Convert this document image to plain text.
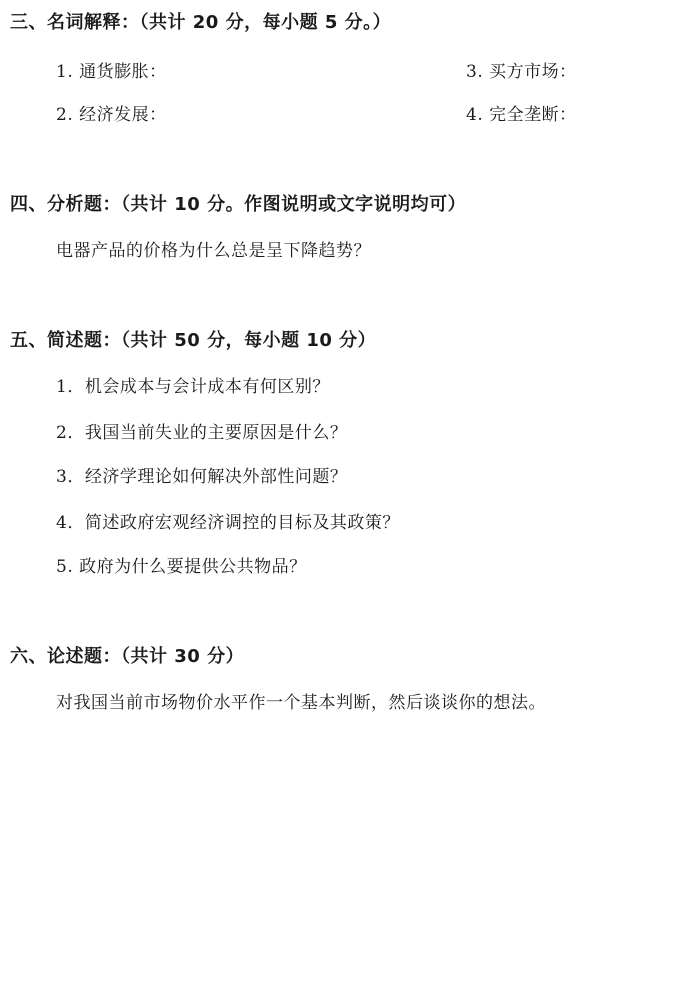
三、名词解释：（共计 20 分，每小题 5 分。）
1. 通货膨胀：	3. 买方市场：
2. 经济发展：	4. 完全垄断：
四、分析题：（共计 10 分。作图说明或文字说明均可）
电器产品的价格为什么总是呈下降趋势？
五、简述题：（共计 50 分，每小题 10 分）
1．机会成本与会计成本有何区别？
2．我国当前失业的主要原因是什么？
3．经济学理论如何解决外部性问题？
4．简述政府宏观经济调控的目标及其政策？
5. 政府为什么要提供公共物品？
六、论述题：（共计 30 分）
对我国当前市场物价水平作一个基本判断，然后谈谈你的想法。
